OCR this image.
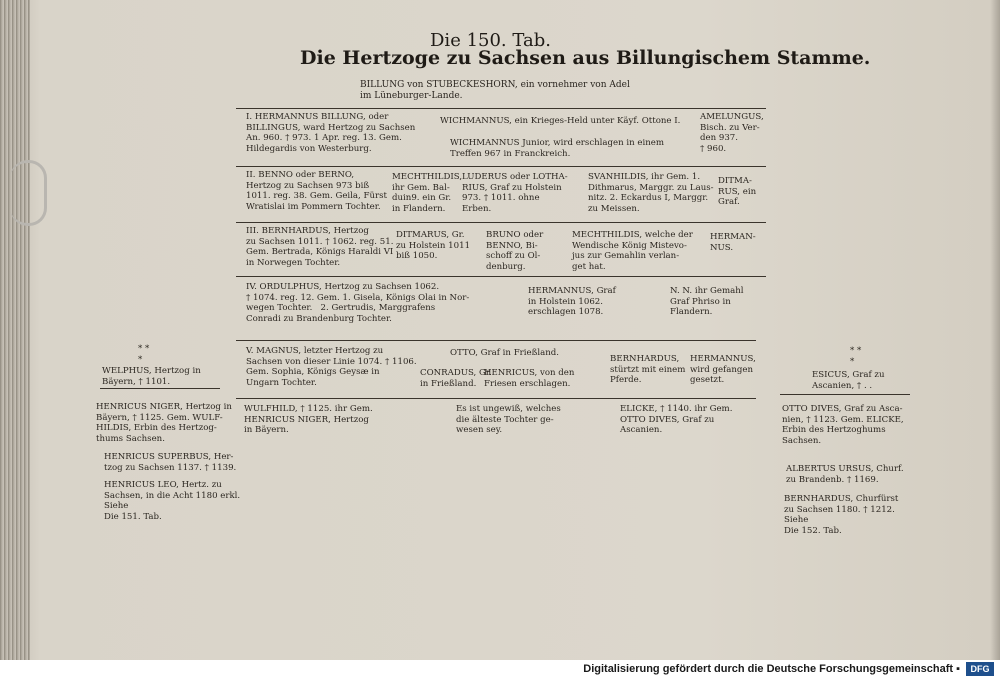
Die 150. Tab.
Die Hertzoge zu Sachsen aus Billungischem Stamme.
BILLUNG von STUBECKESHORN, ein vornehmer von Adel
im Lüneburger-Lande.
I. HERMANNUS BILLUNG, oder
BILLINGUS, ward Hertzog zu Sachsen
An. 960. † 973. 1 Apr. reg. 13. Gem.
Hildegardis von Westerburg.
WICHMANNUS, ein Krieges-Held unter Käyf. Ottone I.
WICHMANNUS Junior, wird erschlagen in einem
Treffen 967 in Franckreich.
AMELUNGUS,
Bisch. zu Ver-
den 937.
† 960.
II. BENNO oder BERNO,
Hertzog zu Sachsen 973 biß
1011. reg. 38. Gem. Geila, Fürst
Wratislai im Pommern Tochter.
MECHTHILDIS,
ihr Gem. Bal-
duin9. ein Gr.
in Flandern.
LUDERUS oder LOTHA-
RIUS, Graf zu Holstein
973. † 1011. ohne
Erben.
SVANHILDIS, ihr Gem. 1.
Dithmarus, Marggr. zu Laus-
nitz. 2. Eckardus I, Marggr.
zu Meissen.
DITMA-
RUS, ein
Graf.
III. BERNHARDUS, Hertzog
zu Sachsen 1011. † 1062. reg. 51.
Gem. Bertrada, Königs Haraldi VI
in Norwegen Tochter.
DITMARUS, Gr.
zu Holstein 1011
biß 1050.
BRUNO oder
BENNO, Bi-
schoff zu Ol-
denburg.
MECHTHILDIS, welche der
Wendische König Mistevo-
jus zur Gemahlin verlan-
get hat.
HERMAN-
NUS.
IV. ORDULPHUS, Hertzog zu Sachsen 1062.
† 1074. reg. 12. Gem. 1. Gisela, Königs Olai in Nor-
wegen Tochter.   2. Gertrudis, Marggrafens
Conradi zu Brandenburg Tochter.
HERMANNUS, Graf
in Holstein 1062.
erschlagen 1078.
N. N. ihr Gemahl
Graf Phriso in
Flandern.
V. MAGNUS, letzter Hertzog zu
Sachsen von dieser Linie 1074. † 1106.
Gem. Sophia, Königs Geysæ in
Ungarn Tochter.
OTTO, Graf in Frießland.
CONRADUS, Gr.
in Frießland.
HENRICUS, von den
Friesen erschlagen.
BERNHARDUS,
stürtzt mit einem
Pferde.
HERMANNUS,
wird gefangen
gesetzt.
WULFHILD, † 1125. ihr Gem.
HENRICUS NIGER, Hertzog
in Bäyern.
Es ist ungewiß, welches
die älteste Tochter ge-
wesen sey.
ELICKE, † 1140. ihr Gem.
OTTO DIVES, Graf zu
Ascanien.
* *
*
WELPHUS, Hertzog in
Bäyern, † 1101.
HENRICUS NIGER, Hertzog in
Bäyern, † 1125. Gem. WULF-
HILDIS, Erbin des Hertzog-
thums Sachsen.
HENRICUS SUPERBUS, Her-
tzog zu Sachsen 1137. † 1139.
HENRICUS LEO, Hertz. zu
Sachsen, in die Acht 1180 erkl.
Siehe
Die 151. Tab.
* *
*
ESICUS, Graf zu
Ascanien, † . .
OTTO DIVES, Graf zu Asca-
nien, † 1123. Gem. ELICKE,
Erbin des Hertzoghums
Sachsen.
ALBERTUS URSUS, Churf.
zu Brandenb. † 1169.
BERNHARDUS, Churfürst
zu Sachsen 1180. † 1212.
Siehe
Die 152. Tab.
Digitalisierung gefördert durch die Deutsche Forschungsgemeinschaft ▪	DFG
